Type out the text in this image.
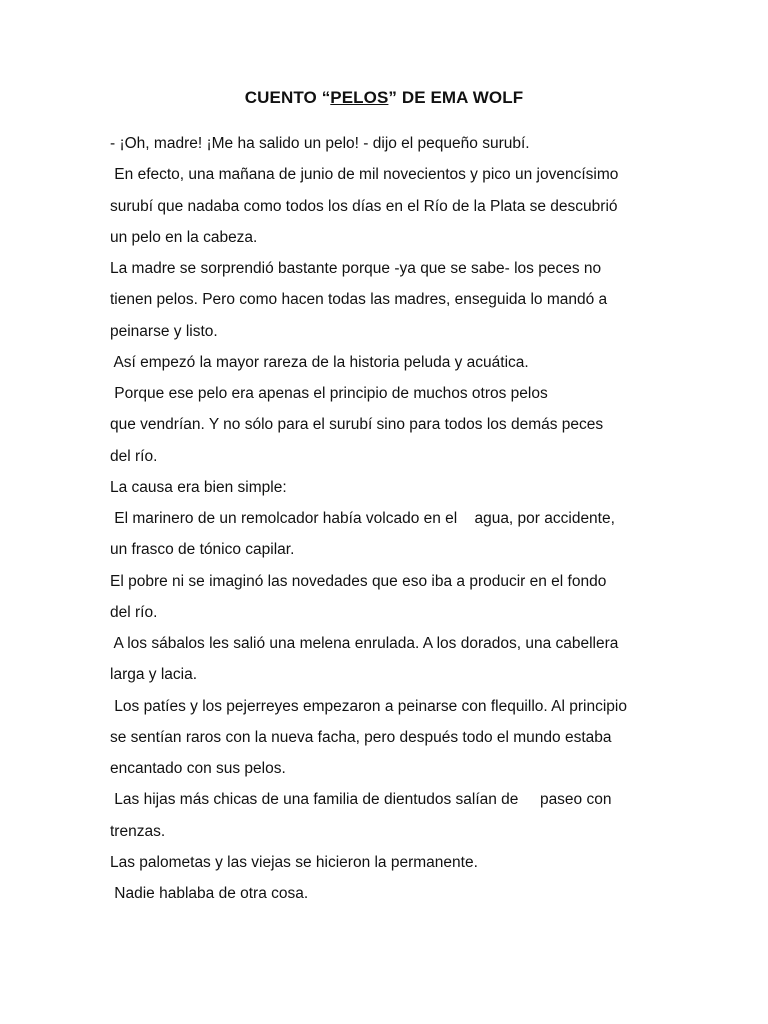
CUENTO “PELOS” DE EMA WOLF
- ¡Oh, madre! ¡Me ha salido un pelo! - dijo el pequeño surubí.
En efecto, una mañana de junio de mil novecientos y pico un jovencísimo
surubí que nadaba como todos los días en el Río de la Plata se descubrió
un pelo en la cabeza.
La madre se sorprendió bastante porque -ya que se sabe- los peces no
tienen pelos. Pero como hacen todas las madres, enseguida lo mandó a
peinarse y listo.
Así empezó la mayor rareza de la historia peluda y acuática.
Porque ese pelo era apenas el principio de muchos otros pelos
que vendrían. Y no sólo para el surubí sino para todos los demás peces
del río.
La causa era bien simple:
El marinero de un remolcador había volcado en el    agua, por accidente,
un frasco de tónico capilar.
El pobre ni se imaginó las novedades que eso iba a producir en el fondo
del río.
A los sábalos les salió una melena enrulada. A los dorados, una cabellera
larga y lacia.
Los patíes y los pejerreyes empezaron a peinarse con flequillo. Al principio
se sentían raros con la nueva facha, pero después todo el mundo estaba
encantado con sus pelos.
Las hijas más chicas de una familia de dientudos salían de     paseo con
trenzas.
Las palometas y las viejas se hicieron la permanente.
Nadie hablaba de otra cosa.
